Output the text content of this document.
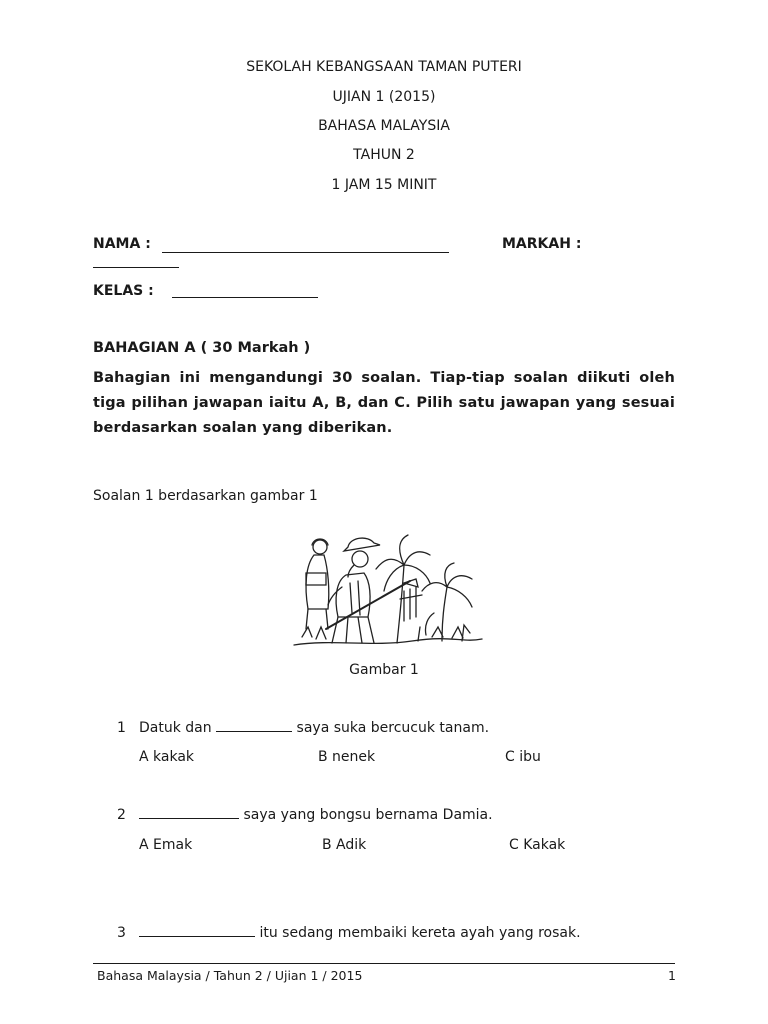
SEKOLAH KEBANGSAAN TAMAN PUTERI
UJIAN 1 (2015)
BAHASA MALAYSIA
TAHUN 2
1 JAM 15 MINIT
NAMA :	MARKAH :
KELAS :
BAHAGIAN A ( 30 Markah )
Bahagian ini mengandungi 30 soalan. Tiap-tiap soalan diikuti oleh tiga pilihan jawapan iaitu A, B, dan C. Pilih satu jawapan yang sesuai berdasarkan soalan yang diberikan.
Soalan 1 berdasarkan gambar 1
Gambar 1
1 Datuk dan	saya suka bercucuk tanam.
A kakak	B nenek	C ibu
2	saya yang bongsu bernama Damia.
A Emak	B Adik	C Kakak
3	itu sedang membaiki kereta ayah yang rosak.
Bahasa Malaysia / Tahun 2 / Ujian 1 / 2015	1
